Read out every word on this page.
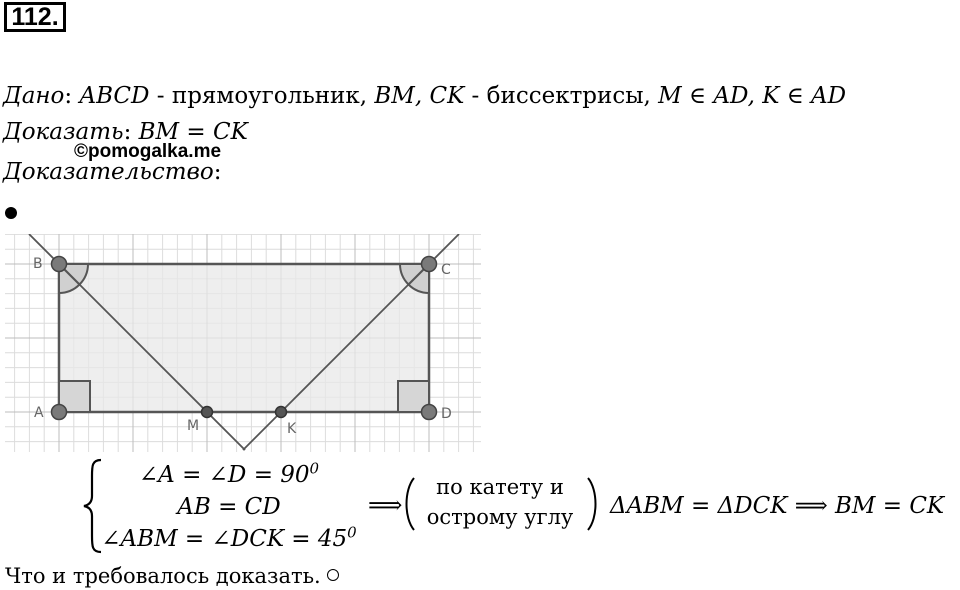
112.
Дано: ABCD - прямоугольник, BM, CK - биссектрисы, M ∈ AD, K ∈ AD
Доказать: BM = CK
©pomogalka.me
Доказательство:
B	C
A	D
M	K
∠A = ∠D = $90^0$
AB = CD
∠ABM = ∠DCK = $45^0$
⟹
по катету и
острому углу	ΔABM = ΔDCK ⟹ BM = CK
Что и требовалось доказать.
